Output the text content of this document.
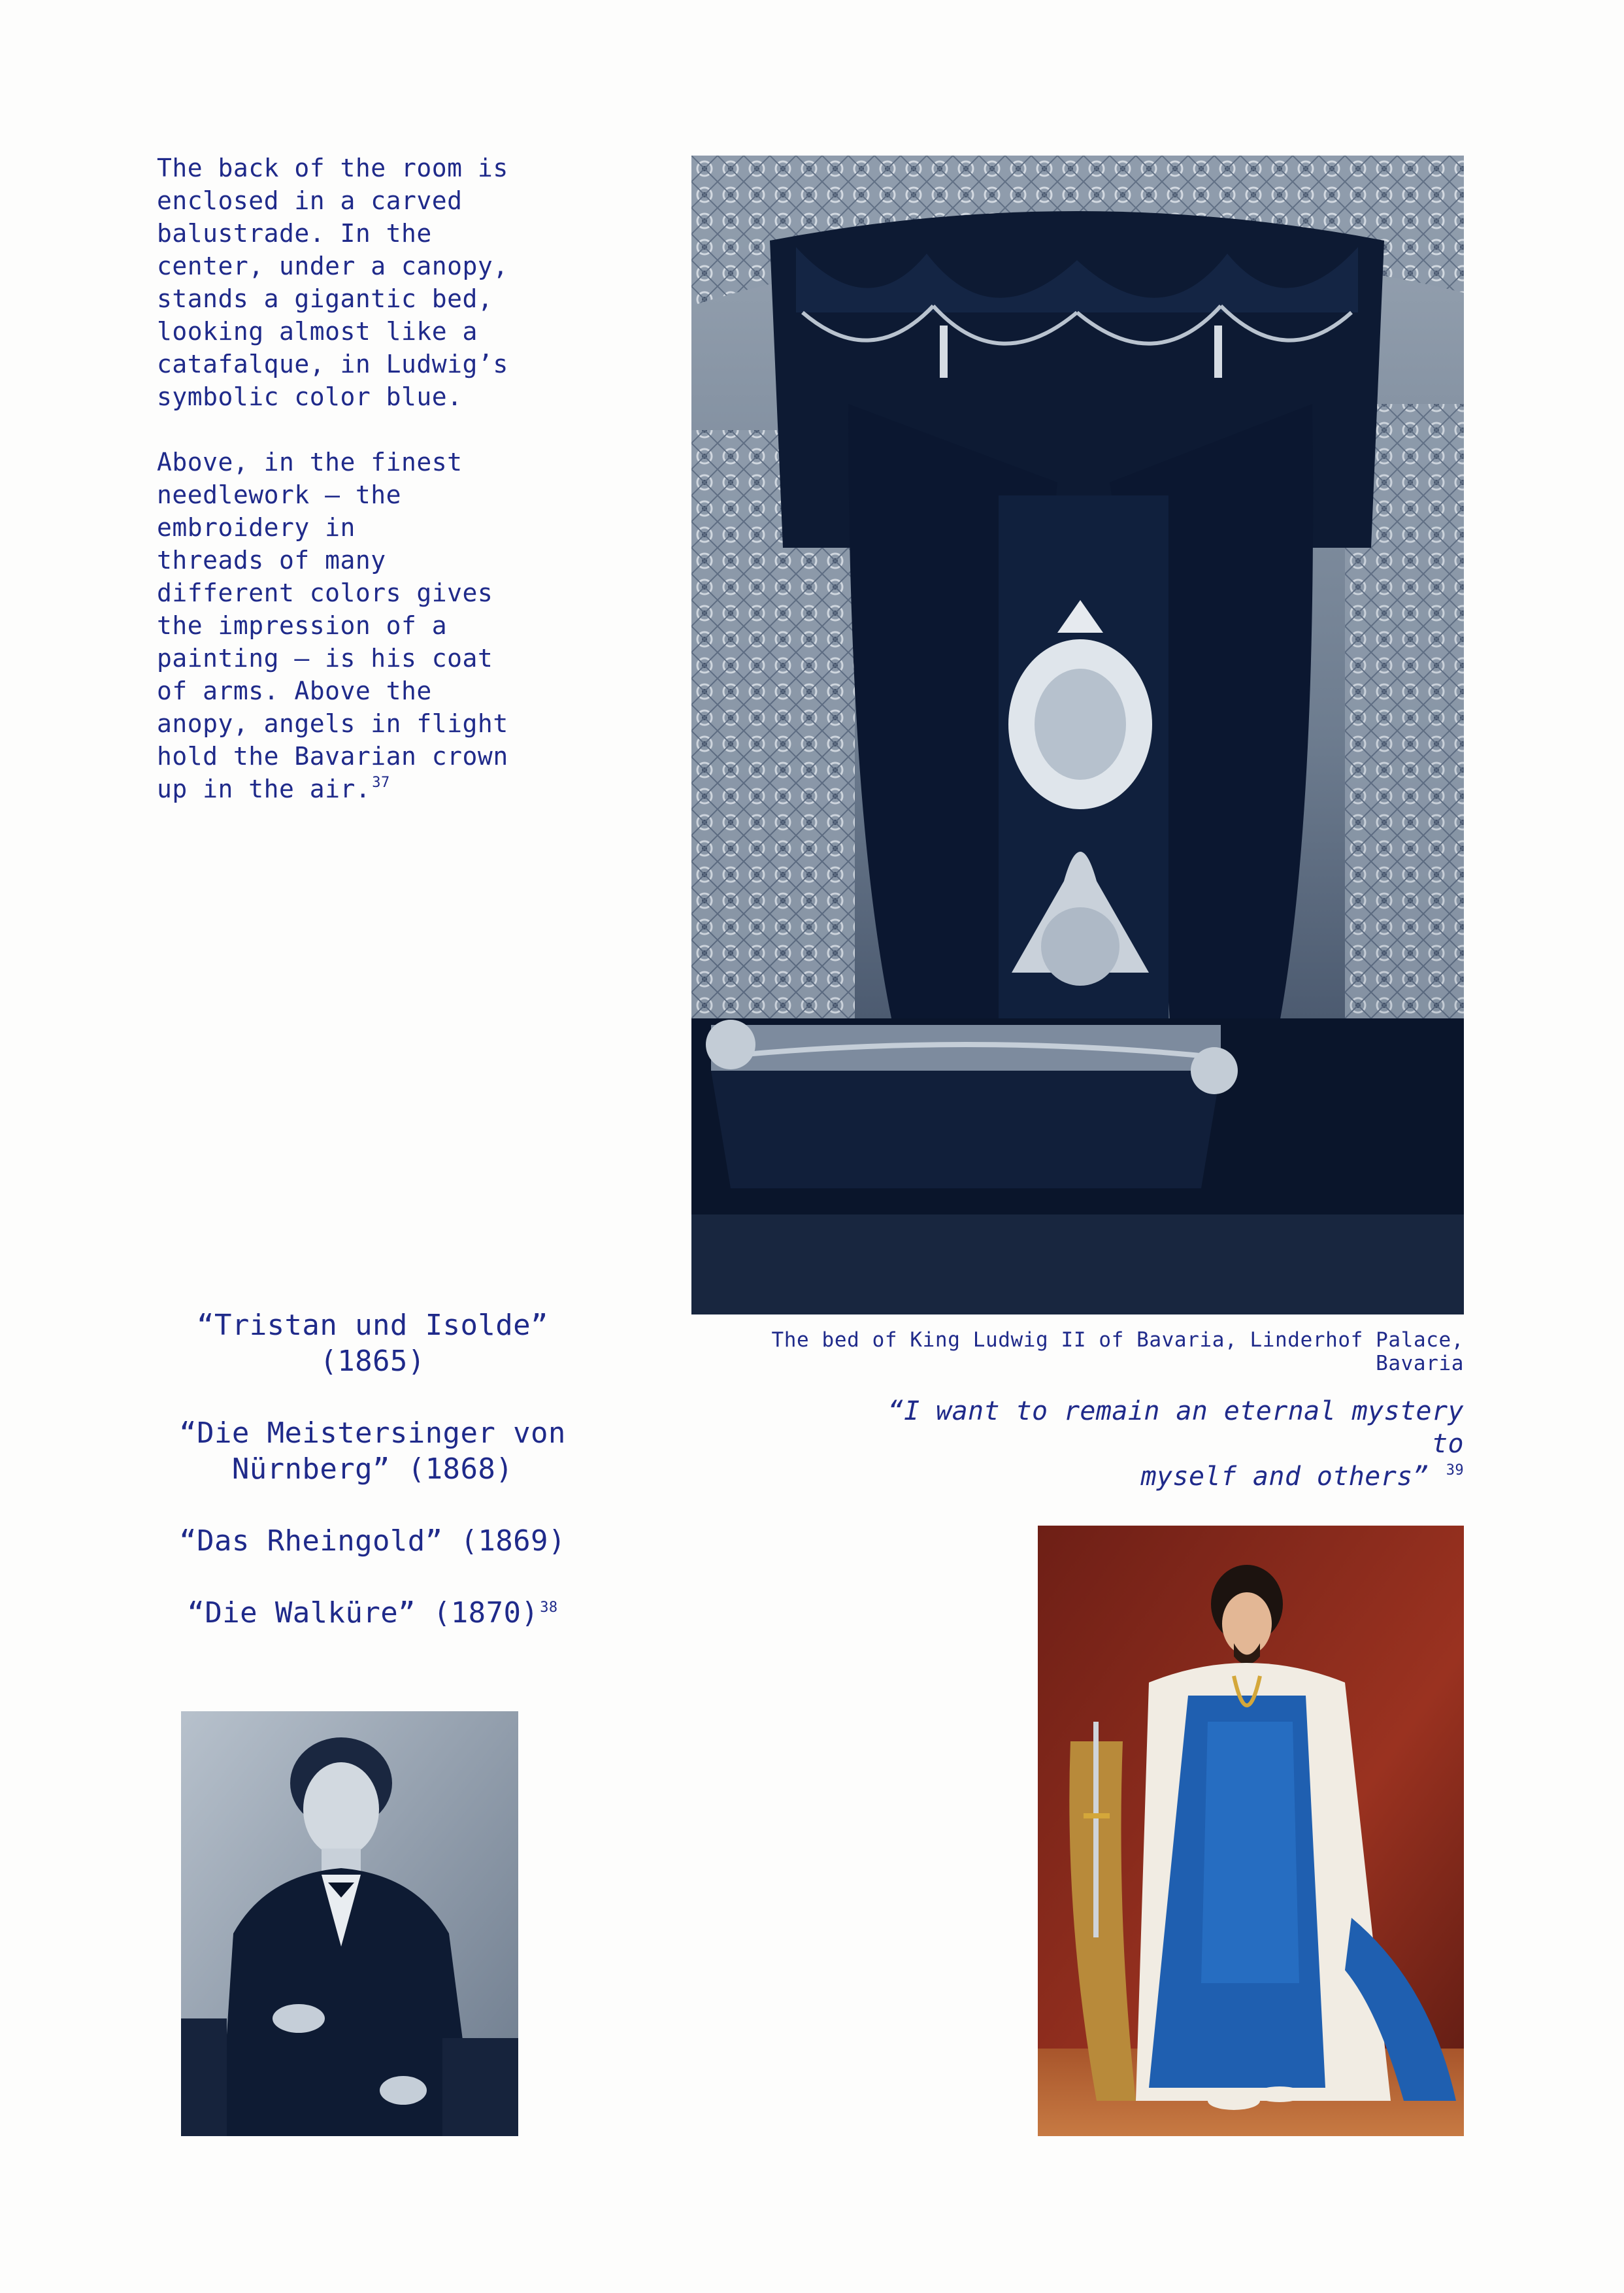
The back of the room is
enclosed in a carved
balustrade. In the
center, under a canopy,
stands a gigantic bed,
looking almost like a
catafalque, in Ludwig’s
symbolic color blue.

Above, in the finest
needlework – the
embroidery in
threads of many
different colors gives
the impression of a
painting – is his coat
of arms. Above the
anopy, angels in flight
hold the Bavarian crown
up in the air.$^{37}$

The bed of King Ludwig II of Bavaria, Linderhof Palace, Bavaria

“I want to remain an eternal mystery to
myself and others” $^{39}$

“Tristan und Isolde”
(1865)
“Die Meistersinger von
Nürnberg” (1868)
“Das Rheingold” (1869)
“Die Walküre” (1870)$^{38}$
